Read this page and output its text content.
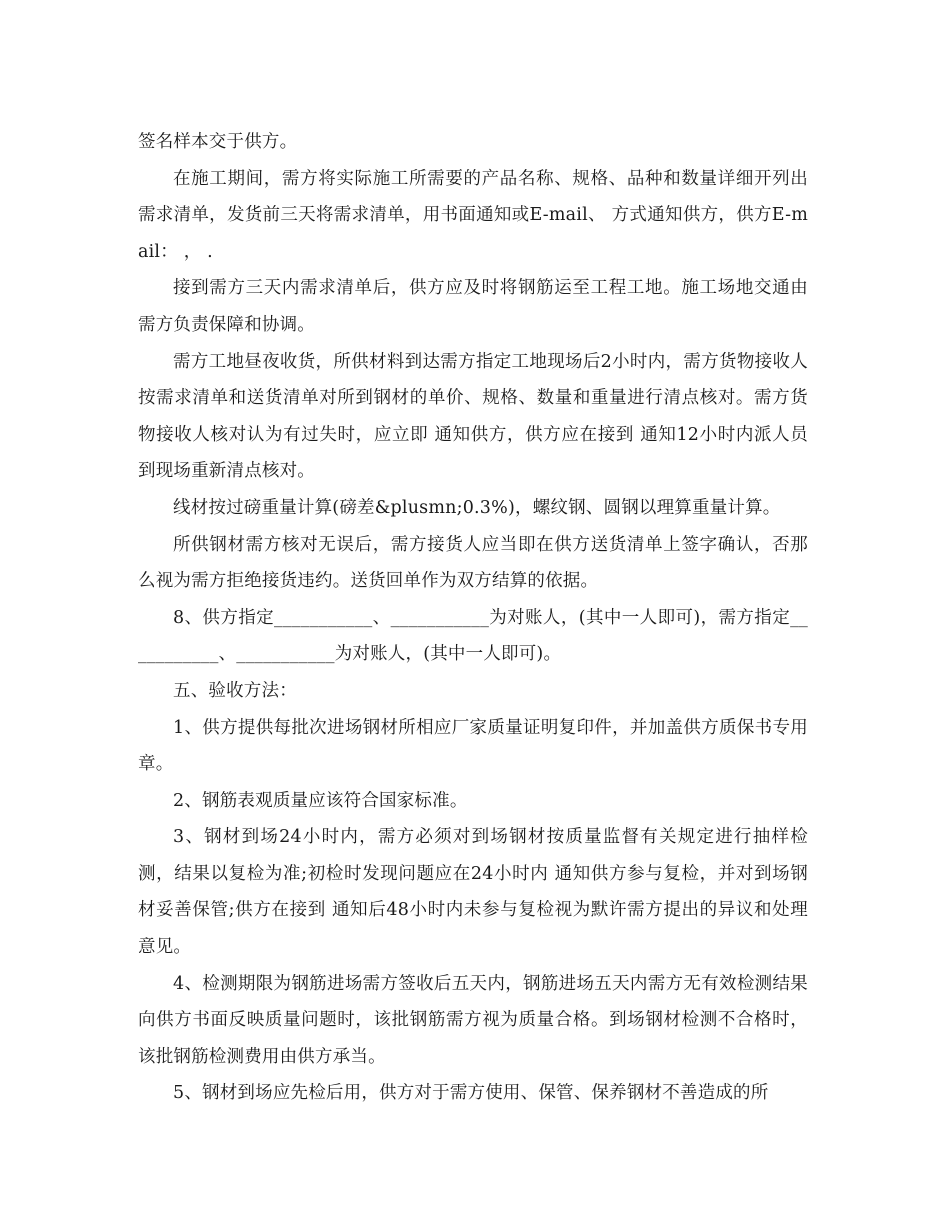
签名样本交于供方。

在施工期间，需方将实际施工所需要的产品名称、规格、品种和数量详细开列出需求清单，发货前三天将需求清单，用书面通知或E-mail、 方式通知供方，供方E-mail： ， .

接到需方三天内需求清单后，供方应及时将钢筋运至工程工地。施工场地交通由需方负责保障和协调。

需方工地昼夜收货，所供材料到达需方指定工地现场后2小时内，需方货物接收人按需求清单和送货清单对所到钢材的单价、规格、数量和重量进行清点核对。需方货物接收人核对认为有过失时，应立即 通知供方，供方应在接到 通知12小时内派人员到现场重新清点核对。

线材按过磅重量计算(磅差&plusmn;0.3%)，螺纹钢、圆钢以理算重量计算。

所供钢材需方核对无误后，需方接货人应当即在供方送货清单上签字确认，否那么视为需方拒绝接货违约。送货回单作为双方结算的依据。

8、供方指定___________、___________为对账人，(其中一人即可)，需方指定___________、___________为对账人，(其中一人即可)。

五、验收方法：

1、供方提供每批次进场钢材所相应厂家质量证明复印件，并加盖供方质保书专用章。

2、钢筋表观质量应该符合国家标准。

3、钢材到场24小时内，需方必须对到场钢材按质量监督有关规定进行抽样检测，结果以复检为准;初检时发现问题应在24小时内 通知供方参与复检，并对到场钢材妥善保管;供方在接到 通知后48小时内未参与复检视为默许需方提出的异议和处理意见。

4、检测期限为钢筋进场需方签收后五天内，钢筋进场五天内需方无有效检测结果向供方书面反映质量问题时，该批钢筋需方视为质量合格。到场钢材检测不合格时，该批钢筋检测费用由供方承当。

5、钢材到场应先检后用，供方对于需方使用、保管、保养钢材不善造成的所
